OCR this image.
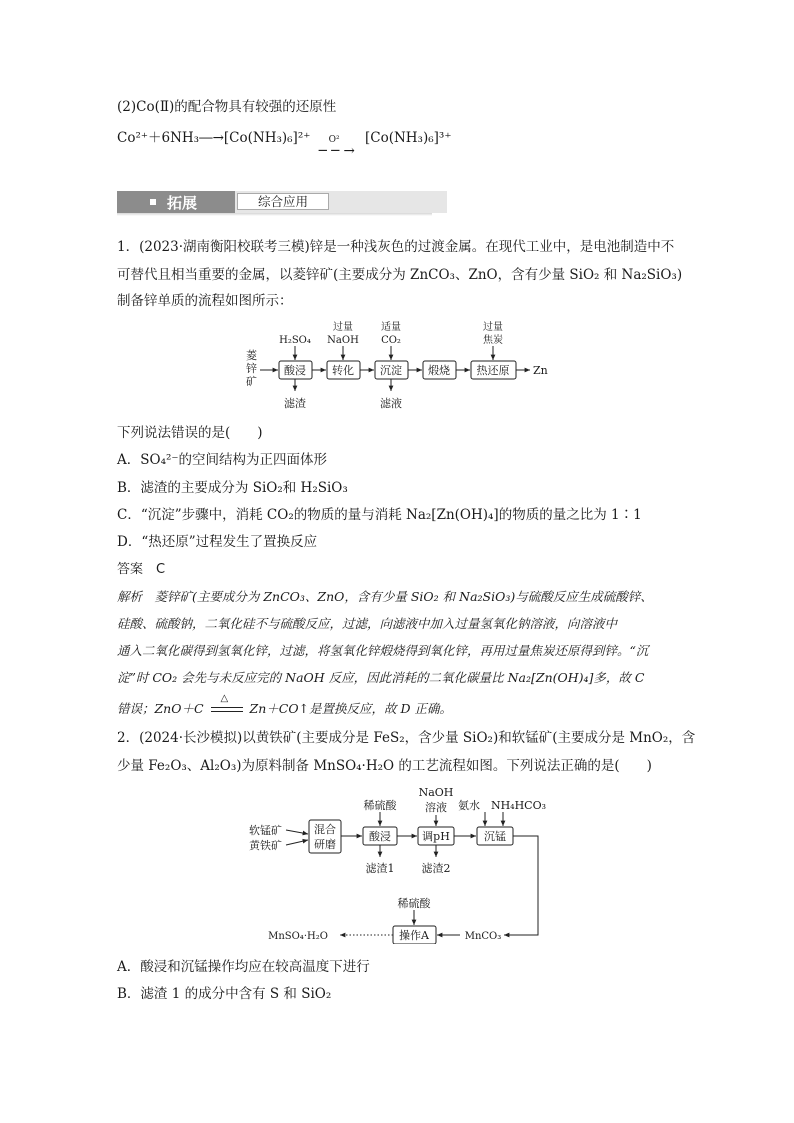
(2)Co(Ⅱ)的配合物具有较强的还原性
Co²⁺＋6NH₃―→[Co(NH₃)₆]²⁺ O²
─ ─ →
[Co(NH₃)₆]³⁺
拓展	综合应用
1．(2023·湖南衡阳校联考三模)锌是一种浅灰色的过渡金属。在现代工业中，是电池制造中不
可替代且相当重要的金属，以菱锌矿(主要成分为 ZnCO₃、ZnO，含有少量 SiO₂ 和 Na₂SiO₃)
制备锌单质的流程如图所示：
菱
锌
矿
酸浸 转化 沉淀 煅烧 热还原
H₂SO₄
过量
NaOH
适量
CO₂
过量
焦炭
滤渣	滤液
Zn
下列说法错误的是(　　)
A．SO₄²⁻的空间结构为正四面体形
B．滤渣的主要成分为 SiO₂和 H₂SiO₃
C．“沉淀”步骤中，消耗 CO₂的物质的量与消耗 Na₂[Zn(OH)₄]的物质的量之比为 1∶1
D．“热还原”过程发生了置换反应
答案　C
解析　菱锌矿(主要成分为 ZnCO₃、ZnO，含有少量 SiO₂ 和 Na₂SiO₃)与硫酸反应生成硫酸锌、
硅酸、硫酸钠，二氧化硅不与硫酸反应，过滤，向滤液中加入过量氢氧化钠溶液，向溶液中
通入二氧化碳得到氢氧化锌，过滤，将氢氧化锌煅烧得到氧化锌，再用过量焦炭还原得到锌。“沉
淀”时 CO₂ 会先与未反应完的 NaOH 反应，因此消耗的二氧化碳量比 Na₂[Zn(OH)₄]多，故 C
错误；ZnO＋C
△
Zn＋CO↑是置换反应，故 D 正确。
2．(2024·长沙模拟)以黄铁矿(主要成分是 FeS₂，含少量 SiO₂)和软锰矿(主要成分是 MnO₂，含
少量 Fe₂O₃、Al₂O₃)为原料制备 MnSO₄·H₂O 的工艺流程如图。下列说法正确的是(　　)
软锰矿
黄铁矿
混合
研磨
酸浸	调pH	沉锰
操作A
稀硫酸
NaOH
溶液 氨水　NH₄HCO₃
稀硫酸
滤渣1 滤渣2
MnCO₃
MnSO₄·H₂O
A．酸浸和沉锰操作均应在较高温度下进行
B．滤渣 1 的成分中含有 S 和 SiO₂
